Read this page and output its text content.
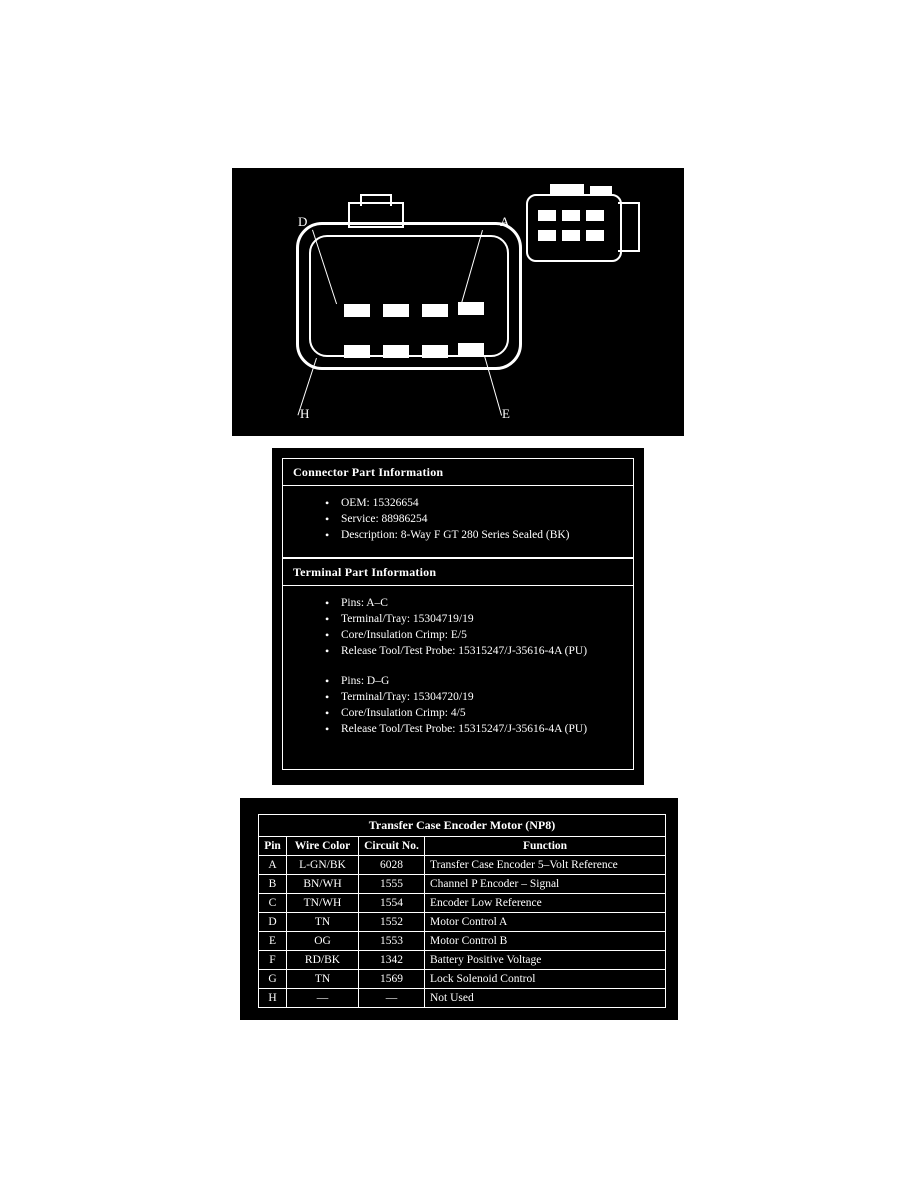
D	A
H	E
Connector Part Information
• OEM: 15326654
• Service: 88986254
• Description: 8-Way F GT 280 Series Sealed (BK)
Terminal Part Information
• Pins: A–C
• Terminal/Tray: 15304719/19
• Core/Insulation Crimp: E/5
• Release Tool/Test Probe: 15315247/J-35616-4A (PU)
• Pins: D–G
• Terminal/Tray: 15304720/19
• Core/Insulation Crimp: 4/5
• Release Tool/Test Probe: 15315247/J-35616-4A (PU)
Transfer Case Encoder Motor (NP8)
Pin	Wire Color	Circuit No.	Function
A	L-GN/BK	6028	Transfer Case Encoder 5–Volt Reference
B	BN/WH	1555	Channel P Encoder – Signal
C	TN/WH	1554	Encoder Low Reference
D	TN	1552	Motor Control A
E	OG	1553	Motor Control B
F	RD/BK	1342	Battery Positive Voltage
G	TN	1569	Lock Solenoid Control
H	—	—	Not Used
